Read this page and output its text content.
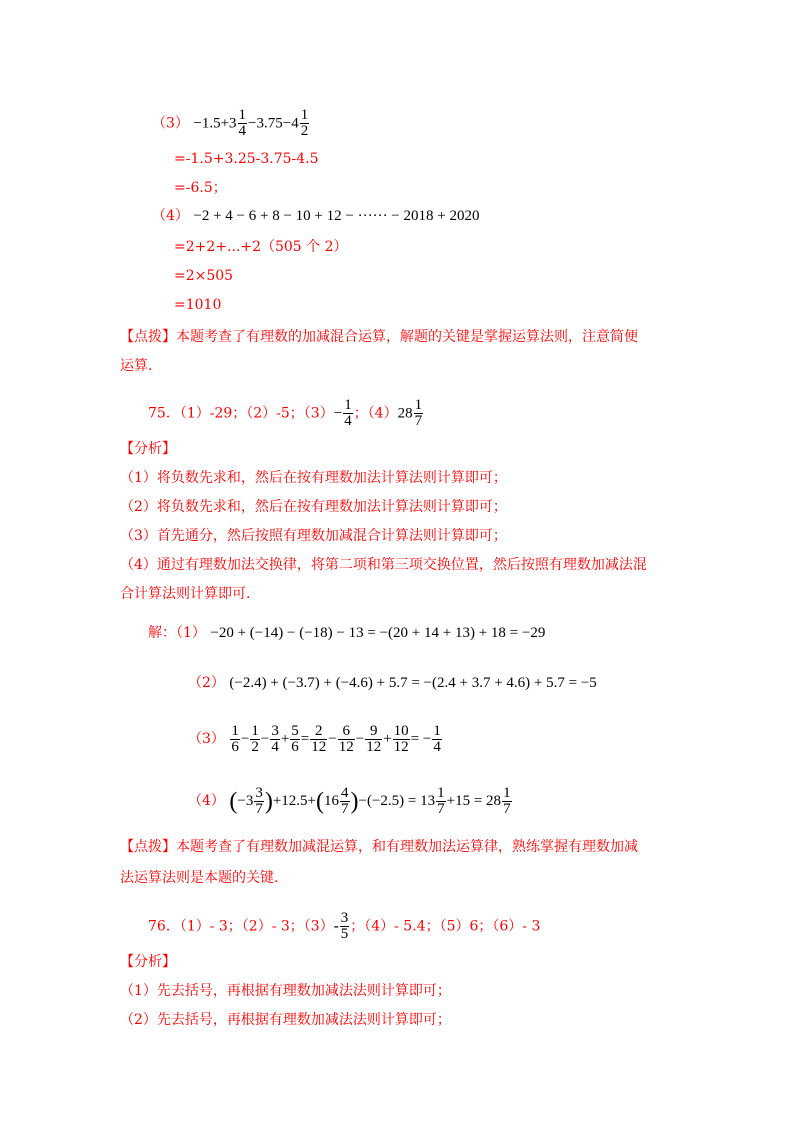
$(3) -1.5+3 \frac{1}{4} -3.75-4 \frac{1}{2}$
=-1.5+3.25-3.75-4.5
=-6.5；
（4） −2 + 4 − 6 + 8 − 10 + 12 − ······ − 2018 + 2020
=2+2+...+2（505 个 2）
=2×505
=1010
【点拨】本题考查了有理数的加减混合运算，解题的关键是掌握运算法则，注意简便
运算.
75．（1）-29；（2）-5；$(3)- \frac{1}{4}$ ；$(4)28 \frac{1}{7}$
【分析】
（1）将负数先求和，然后在按有理数加法计算法则计算即可；
（2）将负数先求和，然后在按有理数加法计算法则计算即可；
（3）首先通分，然后按照有理数加减混合计算法则计算即可；
（4）通过有理数加法交换律，将第二项和第三项交换位置，然后按照有理数加减法混
合计算法则计算即可.
解：（1） −20 + (−14) − (−18) − 13 = −(20 + 14 + 13) + 18 = −29
（2） (−2.4) + (−3.7) + (−4.6) + 5.7 = −(2.4 + 3.7 + 4.6) + 5.7 = −5
$(3) \frac{1}{6} - \frac{1}{2} - \frac{3}{4} + \frac{5}{6} = \frac{2}{12} - \frac{6}{12} - \frac{9}{12} + \frac{10}{12}$ = − $\frac{1}{4}$
（4） $(-3 \frac{3}{7} )+12.5+(16 \frac{4}{7} )-(-2.5) = 13 \frac{1}{7} +15 = 28 \frac{1}{7}$
【点拨】本题考查了有理数加减混运算，和有理数加法运算律，熟练掌握有理数加减
法运算法则是本题的关键.
76．（1）- 3；（2）- 3；$(3)- \frac{3}{5}$ ；（4）- 5.4；（5）6；（6）- 3
【分析】
（1）先去括号，再根据有理数加减法法则计算即可；
（2）先去括号，再根据有理数加减法法则计算即可；
